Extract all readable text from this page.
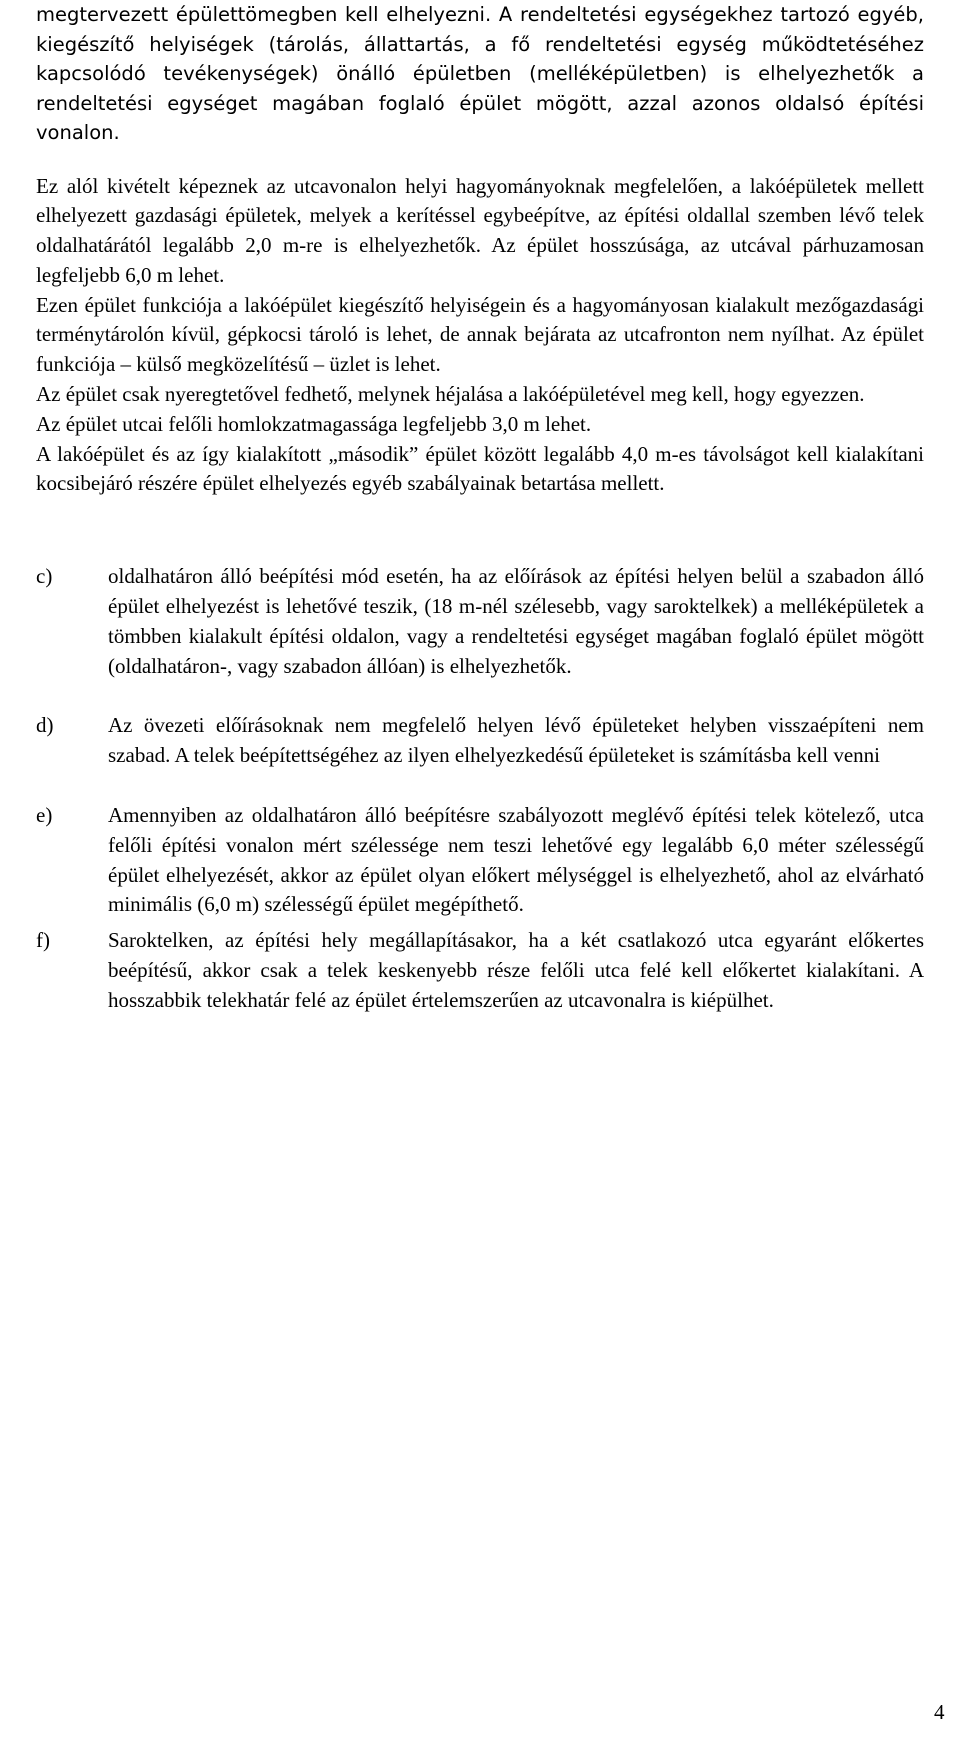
megtervezett épülettömegben kell elhelyezni. A rendeltetési egységekhez tartozó egyéb, kiegészítő helyiségek (tárolás, állattartás, a fő rendeltetési egység működtetéséhez kapcsolódó tevékenységek) önálló épületben (melléképületben) is elhelyezhetők a rendeltetési egységet magában foglaló épület mögött, azzal azonos oldalsó építési vonalon.

Ez alól kivételt képeznek az utcavonalon helyi hagyományoknak megfelelően, a lakóépületek mellett elhelyezett gazdasági épületek, melyek a kerítéssel egybeépítve, az építési oldallal szemben lévő telek oldalhatárától legalább 2,0 m-re is elhelyezhetők. Az épület hosszúsága, az utcával párhuzamosan legfeljebb 6,0 m lehet.

Ezen épület funkciója a lakóépület kiegészítő helyiségein és a hagyományosan kialakult mezőgazdasági terménytárolón kívül, gépkocsi tároló is lehet, de annak bejárata az utcafronton nem nyílhat. Az épület funkciója – külső megközelítésű – üzlet is lehet.

Az épület csak nyeregtetővel fedhető, melynek héjalása a lakóépületével meg kell, hogy egyezzen.

Az épület utcai felőli homlokzatmagassága legfeljebb 3,0 m lehet.

A lakóépület és az így kialakított „második” épület között legalább 4,0 m-es távolságot kell kialakítani kocsibejáró részére épület elhelyezés egyéb szabályainak betartása mellett.

c)	oldalhatáron álló beépítési mód esetén, ha az előírások az építési helyen belül a szabadon álló épület elhelyezést is lehetővé teszik, (18 m-nél szélesebb, vagy saroktelkek) a melléképületek a tömbben kialakult építési oldalon, vagy a rendeltetési egységet magában foglaló épület mögött (oldalhatáron-, vagy szabadon állóan) is elhelyezhetők.
d)	Az övezeti előírásoknak nem megfelelő helyen lévő épületeket helyben visszaépíteni nem szabad. A telek beépítettségéhez az ilyen elhelyezkedésű épületeket is számításba kell venni
e)	Amennyiben az oldalhatáron álló beépítésre szabályozott meglévő építési telek kötelező, utca felőli építési vonalon mért szélessége nem teszi lehetővé egy legalább 6,0 méter szélességű épület elhelyezését, akkor az épület olyan előkert mélységgel is elhelyezhető, ahol az elvárható minimális (6,0 m) szélességű épület megépíthető.
f)	Saroktelken, az építési hely megállapításakor, ha a két csatlakozó utca egyaránt előkertes beépítésű, akkor csak a telek keskenyebb része felőli utca felé kell előkertet kialakítani. A hosszabbik telekhatár felé az épület értelemszerűen az utcavonalra is kiépülhet.
4
